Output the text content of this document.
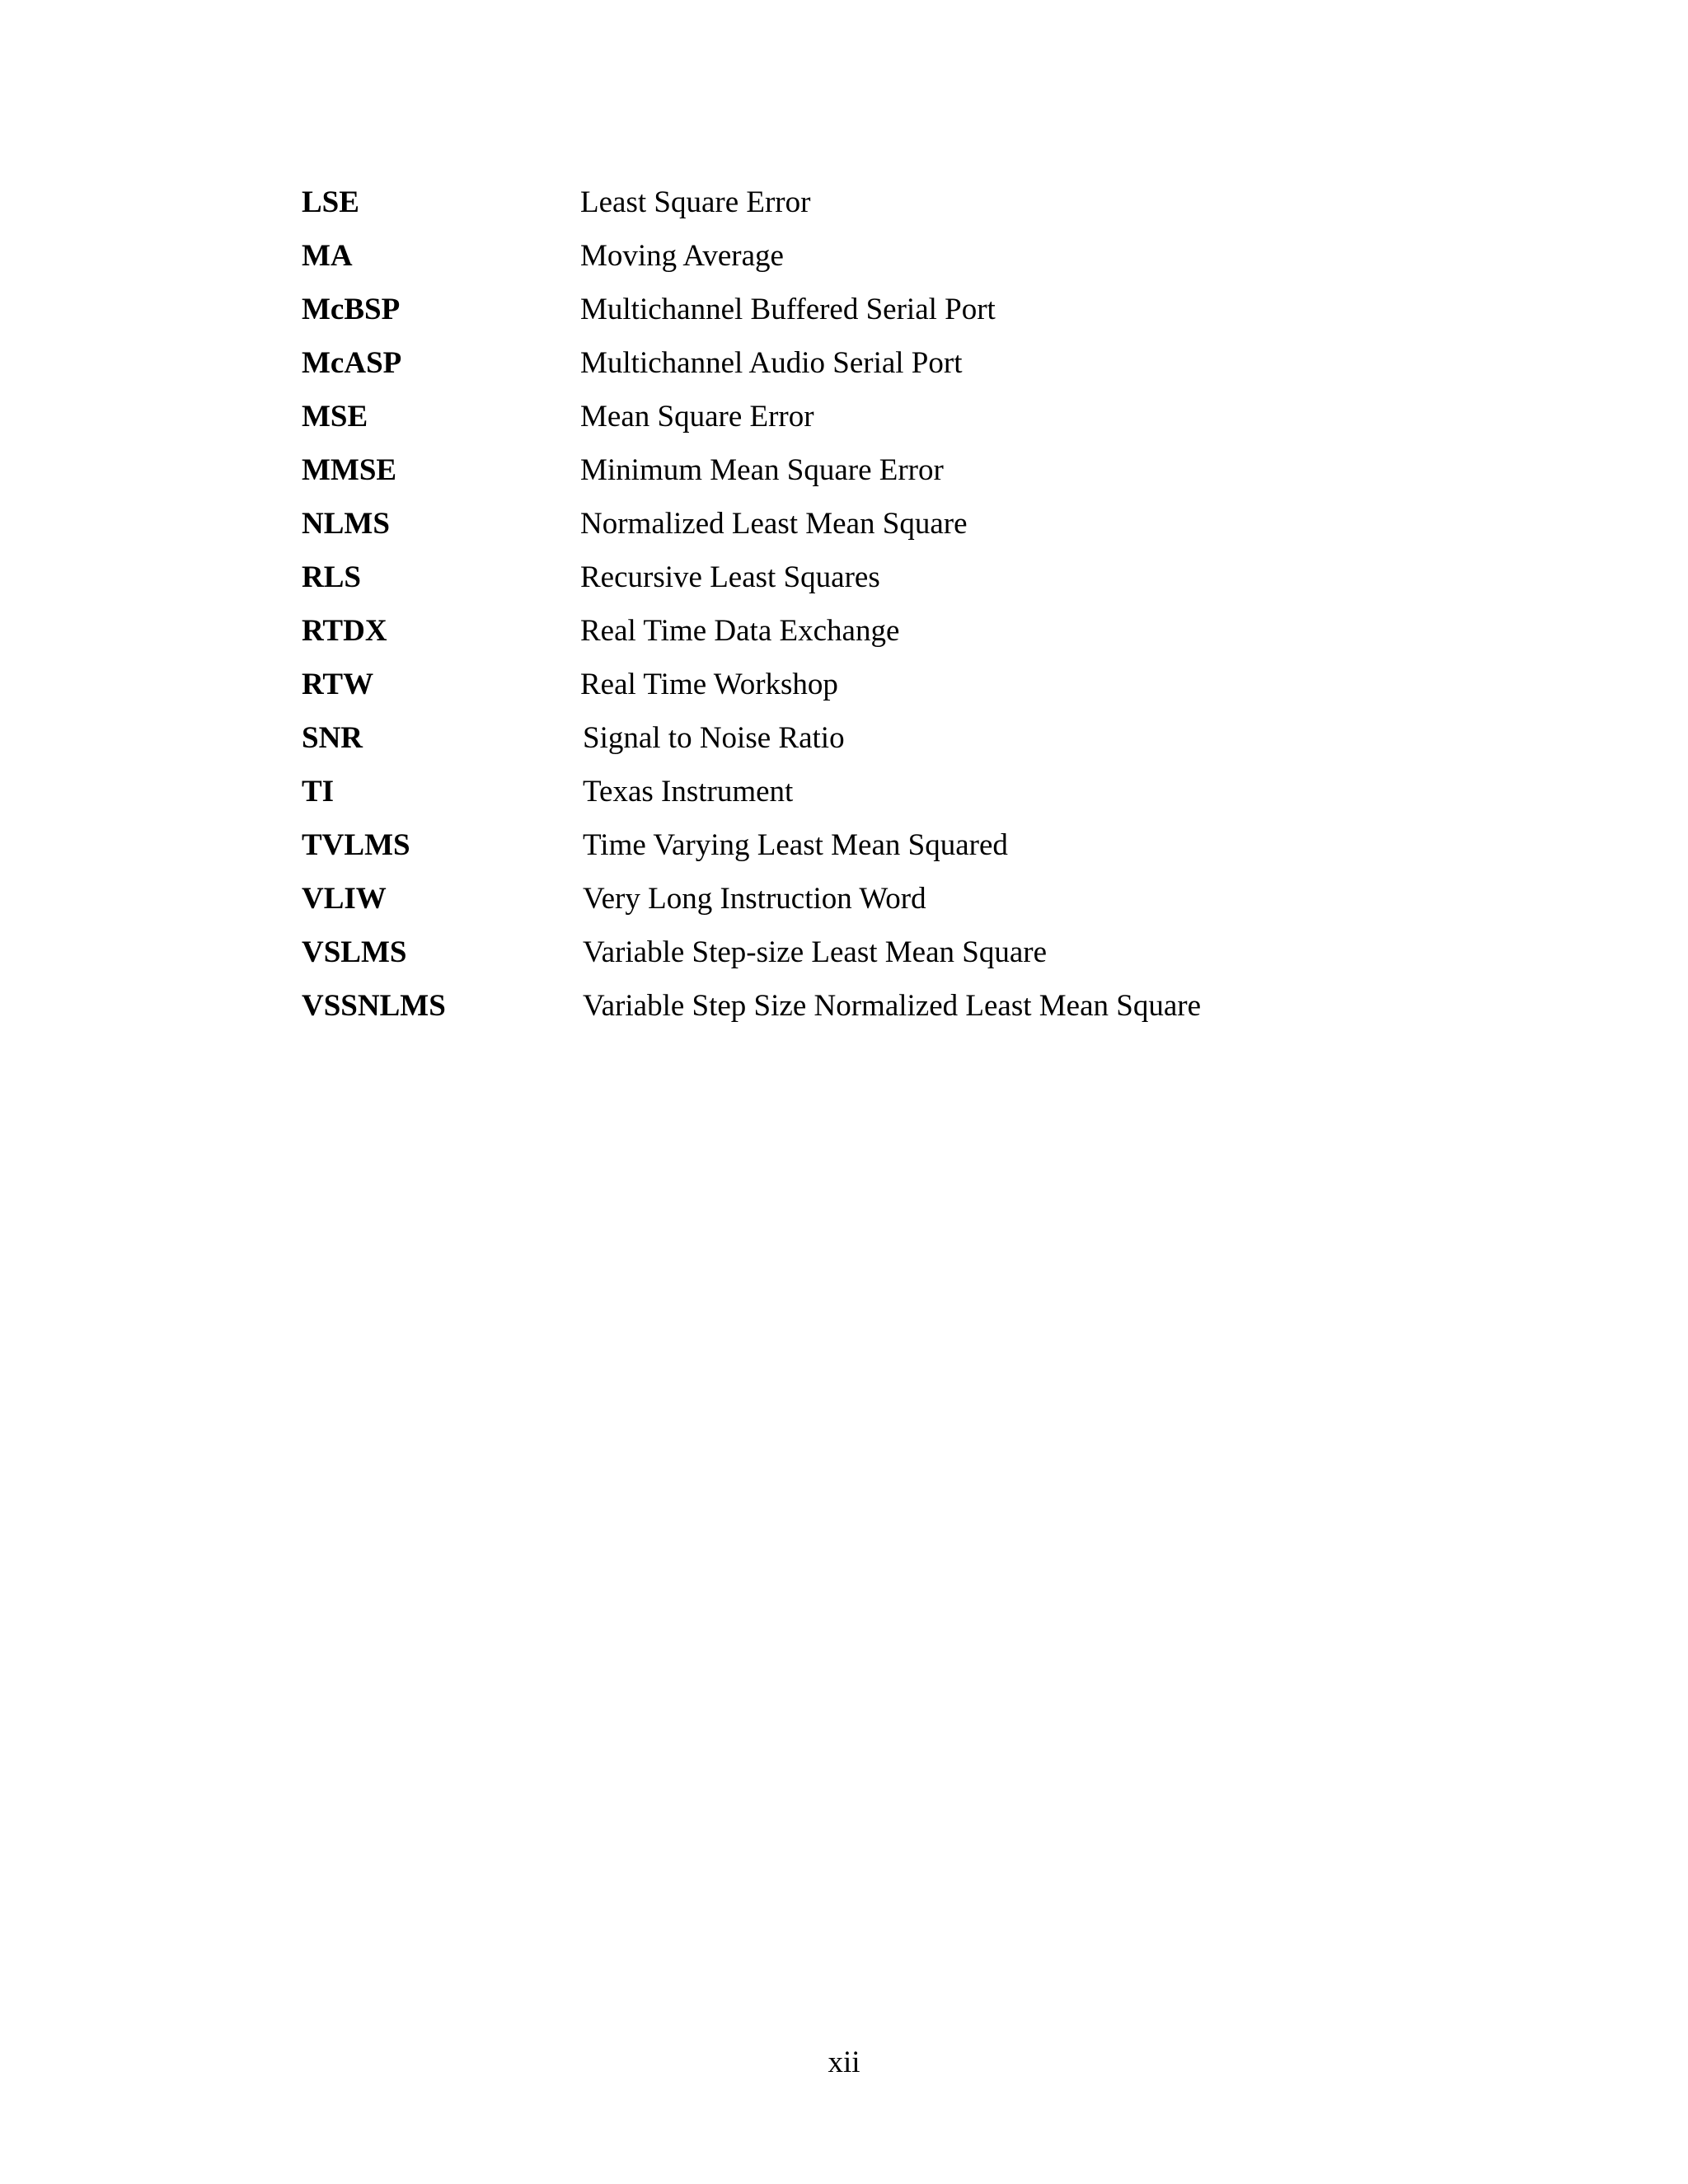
LSE	Least Square Error
MA	Moving Average
McBSP	Multichannel Buffered Serial Port
McASP	Multichannel Audio Serial Port
MSE	Mean Square Error
MMSE	Minimum Mean Square Error
NLMS	Normalized Least Mean Square
RLS	Recursive Least Squares
RTDX	Real Time Data Exchange
RTW	Real Time Workshop
SNR	Signal to Noise Ratio
TI	Texas Instrument
TVLMS	Time Varying Least Mean Squared
VLIW	Very Long Instruction Word
VSLMS	Variable Step-size Least Mean Square
VSSNLMS	Variable Step Size Normalized Least Mean Square
xii
